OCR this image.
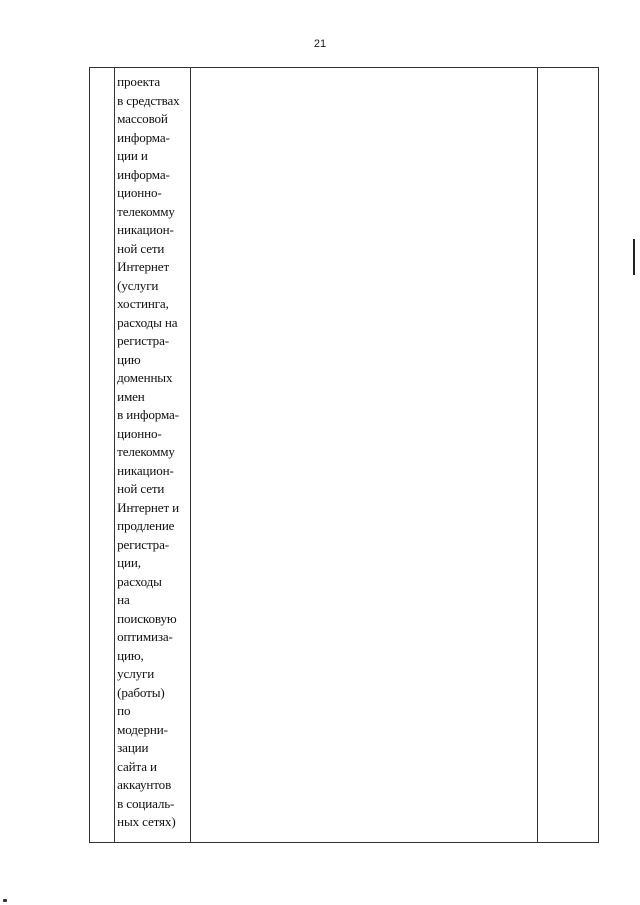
21

проекта
в средствах
массовой
информа-
ции и
информа-
ционно-
телекомму
никацион-
ной сети
Интернет
(услуги
хостинга,
расходы на
регистра-
цию
доменных
имен
в информа-
ционно-
телекомму
никацион-
ной сети
Интернет и
продление
регистра-
ции,
расходы
на
поисковую
оптимиза-
цию,
услуги
(работы)
по
модерни-
зации
сайта и
аккаунтов
в социаль-
ных сетях)
